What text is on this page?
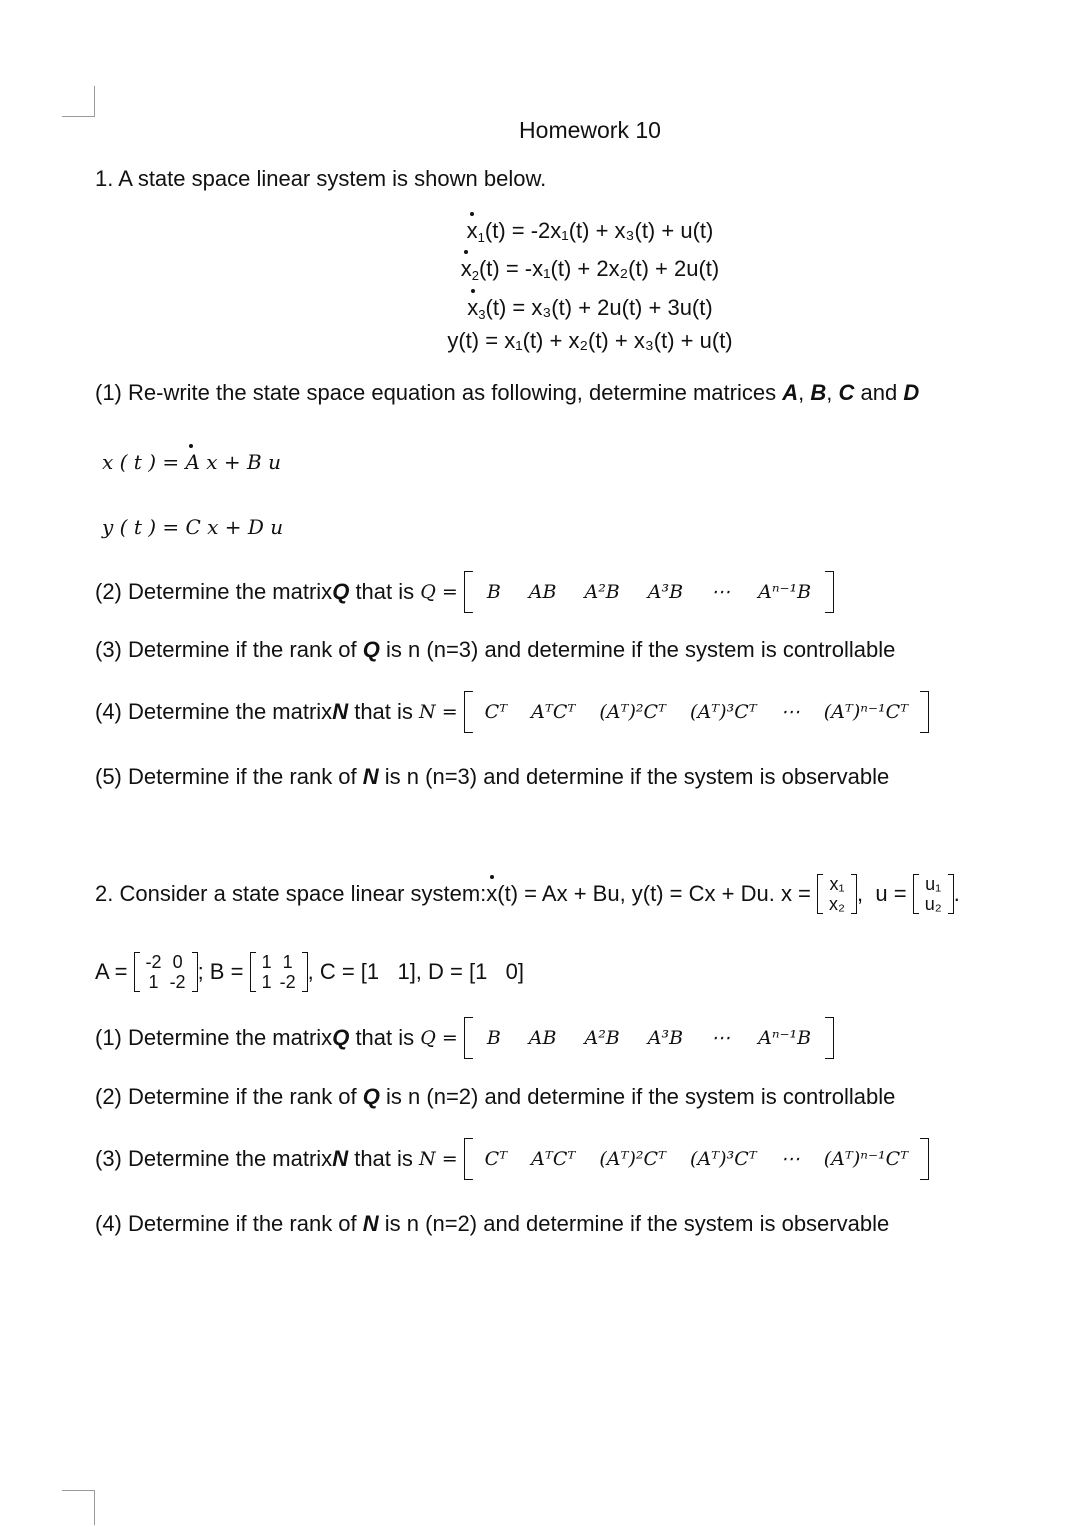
Homework 10
1. A state space linear system is shown below.
$x_1(t) = -2x_1(t) + x_3(t) + u(t)$
$x_2(t) = -x_1(t) + 2x_2(t) + 2u(t)$
$x_3(t) = x_3(t) + 2u(t) + 3u(t)$
y(t) = x₁(t) + x₂(t) + x₃(t) + u(t)
(1) Re-write the state space equation as following, determine matrices A, B, C and D
x ( t ) = A x + B u
y ( t ) = C x + D u
(2) Determine the matrix Q
that is
Q = B AB A²B A³B ⋯ Aⁿ⁻¹B
(3) Determine if the rank of Q is n (n=3) and determine if the system is controllable
(4) Determine the matrix N
that is
N = Cᵀ AᵀCᵀ (Aᵀ)²Cᵀ (Aᵀ)³Cᵀ ⋯ (Aᵀ)ⁿ⁻¹Cᵀ
(5) Determine if the rank of N is n (n=3) and determine if the system is observable
2. Consider a state space linear system: x (t) = Ax + Bu, y(t) = Cx + Du. x =
x₁
x₂ , u =
u₁
u₂ .
A =
-2	0
1	-2 ; B =
1	1
1	-2 , C = [1   1], D = [1   0]
(1) Determine the matrix Q
that is
Q = B AB A²B A³B ⋯ Aⁿ⁻¹B
(2) Determine if the rank of Q is n (n=2) and determine if the system is controllable
(3) Determine the matrix N
that is
N = Cᵀ AᵀCᵀ (Aᵀ)²Cᵀ (Aᵀ)³Cᵀ ⋯ (Aᵀ)ⁿ⁻¹Cᵀ
(4) Determine if the rank of N is n (n=2) and determine if the system is observable
